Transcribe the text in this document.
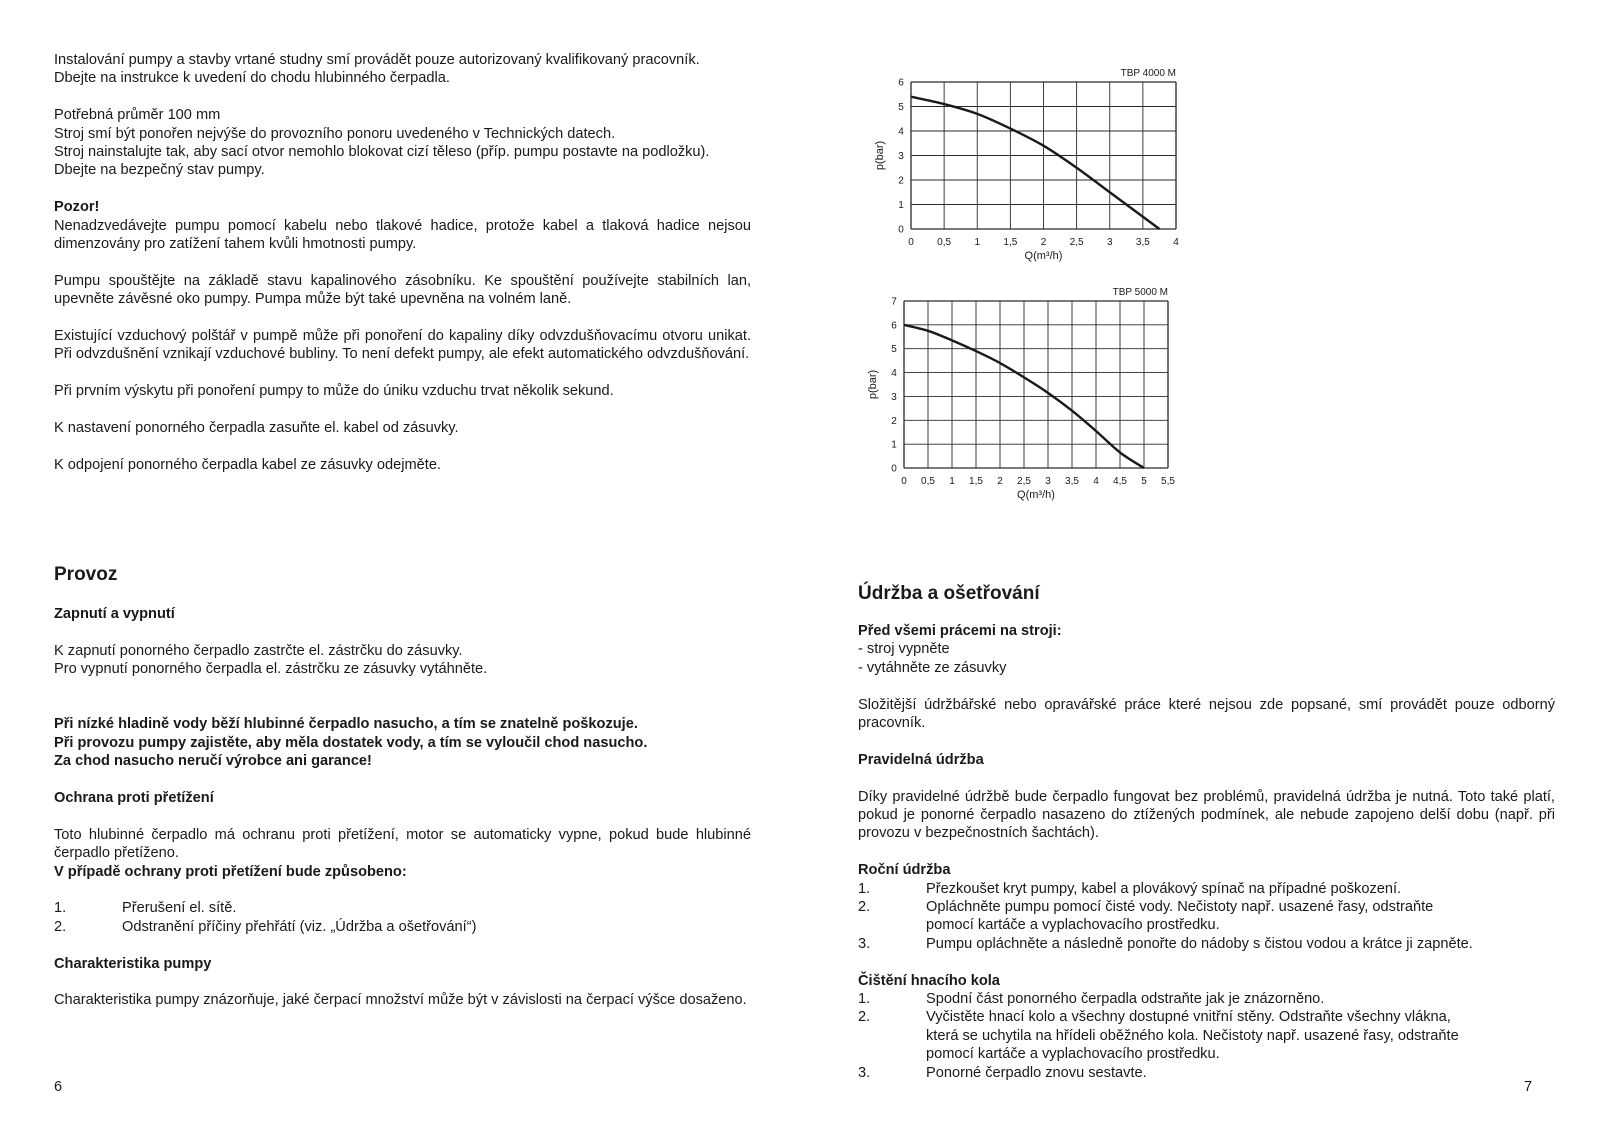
Instalování pumpy a stavby vrtané studny smí provádět pouze autorizovaný kvalifikovaný pracovník.

Dbejte na instrukce k uvedení do chodu hlubinného čerpadla.

Potřebná průměr 100 mm

Stroj smí být ponořen nejvýše do provozního ponoru uvedeného v Technických datech.

Stroj nainstalujte tak, aby sací otvor nemohlo blokovat cizí těleso (příp. pumpu postavte na podložku).

Dbejte na bezpečný stav pumpy.

Pozor!

Nenadzvedávejte pumpu pomocí kabelu nebo tlakové hadice, protože kabel a tlaková hadice nejsou dimenzovány pro zatížení tahem kvůli hmotnosti pumpy.

Pumpu spouštějte na základě stavu kapalinového zásobníku. Ke spouštění používejte stabilních lan, upevněte závěsné oko pumpy. Pumpa může být také upevněna na volném laně.

Existující vzduchový polštář v pumpě může při ponoření do kapaliny díky odvzdušňovacímu otvoru unikat. Při odvzdušnění vznikají vzduchové bubliny. To není defekt pumpy, ale efekt automatického odvzdušňování.

Při prvním výskytu při ponoření pumpy to může do úniku vzduchu trvat několik sekund.

K nastavení ponorného čerpadla zasuňte el. kabel od zásuvky.

K odpojení ponorného čerpadla kabel ze zásuvky odejměte.

Provoz

Zapnutí a vypnutí

K zapnutí ponorného čerpadlo zastrčte el. zástrčku do zásuvky.

Pro vypnutí ponorného čerpadla el. zástrčku ze zásuvky vytáhněte.

Při nízké hladině vody běží hlubinné čerpadlo nasucho, a tím se znatelně poškozuje.

Při provozu pumpy zajistěte, aby měla dostatek vody, a tím se vyloučil chod nasucho.

Za chod nasucho neručí výrobce ani garance!

Ochrana proti přetížení

Toto hlubinné čerpadlo má ochranu proti přetížení, motor se automaticky vypne, pokud bude hlubinné čerpadlo přetíženo.

V případě ochrany proti přetížení bude způsobeno:

1.	Přerušení el. sítě.
2.	Odstranění příčiny přehřátí (viz. „Údržba a ošetřování“)

Charakteristika pumpy

Charakteristika pumpy znázorňuje, jaké čerpací množství může být v závislosti na čerpací výšce dosaženo.

Údržba a ošetřování

Před všemi prácemi na stroji:

- stroj vypněte

- vytáhněte ze zásuvky

Složitější údržbářské nebo opravářské práce které nejsou zde popsané, smí provádět pouze odborný pracovník.

Pravidelná údržba

Díky pravidelné údržbě bude čerpadlo fungovat bez problémů, pravidelná údržba je nutná. Toto také platí, pokud je ponorné čerpadlo nasazeno do ztížených podmínek, ale nebude zapojeno delší dobu (např. při provozu v bezpečnostních šachtách).

Roční údržba

1.	Přezkoušet kryt pumpy, kabel a plovákový spínač na případné poškození.
2.	Opláchněte pumpu pomocí čisté vody. Nečistoty např. usazené řasy, odstraňte
pomocí kartáče a vyplachovacího prostředku.
3.	Pumpu opláchněte a následně ponořte do nádoby s čistou vodou a krátce ji zapněte.

Čištění hnacího kola

1.	Spodní část ponorného čerpadla odstraňte jak je znázorněno.
2.	Vyčistěte hnací kolo a všechny dostupné vnitřní stěny. Odstraňte všechny vlákna,
která se uchytila na hřídeli oběžného kola. Nečistoty např. usazené řasy, odstraňte
pomocí kartáče a vyplachovacího prostředku.
3.	Ponorné čerpadlo znovu sestavte.
0 0,5 1 1,5 2 2,5 3 3,5 4
0
1
2
3
4
5
6
TBP 4000 M
Q(m³/h)
p(bar)
0 0,5 1 1,5 2 2,5 3 3,5 4 4,5 5 5,5
0
1
2
3
4
5
6
7
TBP 5000 M
Q(m³/h)
p(bar)
6	7
